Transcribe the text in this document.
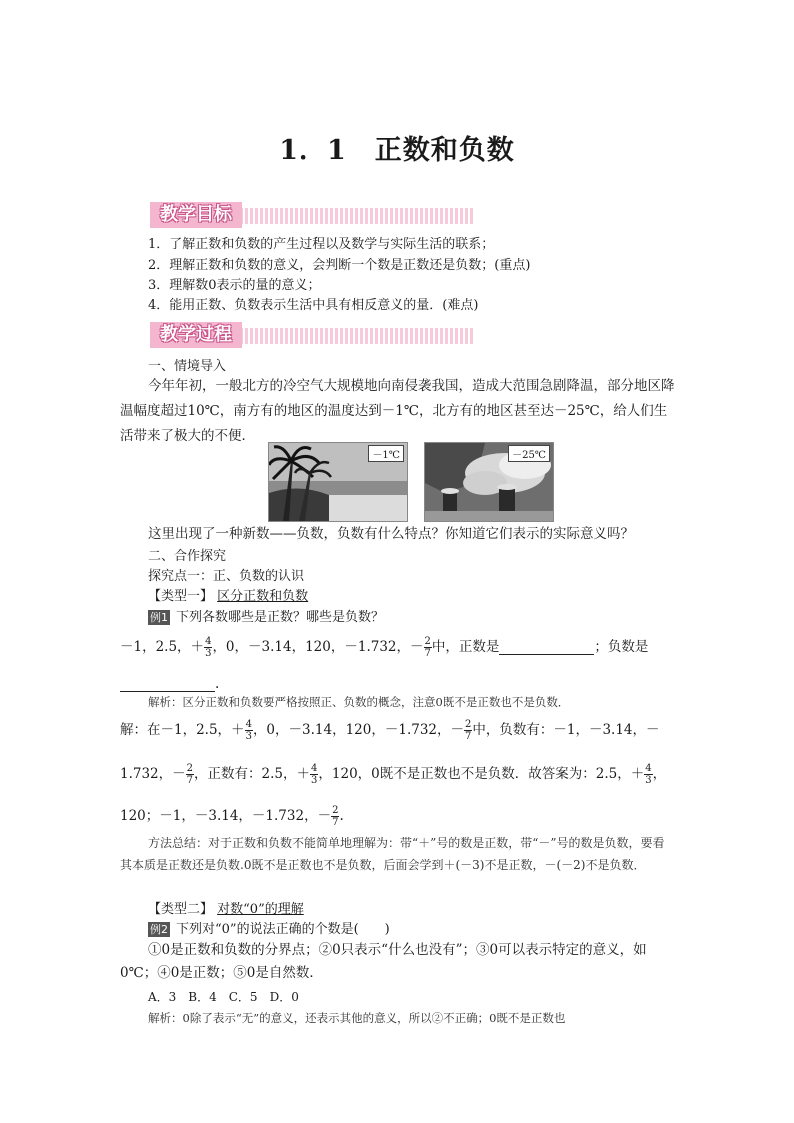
1．1　正数和负数
教学目标
1．了解正数和负数的产生过程以及数学与实际生活的联系；
2．理解正数和负数的意义，会判断一个数是正数还是负数；(重点)
3．理解数0表示的量的意义；
4．能用正数、负数表示生活中具有相反意义的量．(难点)
教学过程
一、情境导入
今年年初，一般北方的冷空气大规模地向南侵袭我国，造成大范围急剧降温，部分地区降温幅度超过10℃，南方有的地区的温度达到－1℃，北方有的地区甚至达－25℃，给人们生活带来了极大的不便．
－1℃	－25℃
这里出现了一种新数——负数，负数有什么特点？你知道它们表示的实际意义吗？
二、合作探究
探究点一：正、负数的认识
【类型一】 区分正数和负数
例1 下列各数哪些是正数？哪些是负数？
－1，2.5，＋ $\frac{4}{3}$ ，0，－3.14，120，－1.732，－ $\frac{2}{7}$ 中，正数是	；负数是
.
解析：区分正数和负数要严格按照正、负数的概念，注意0既不是正数也不是负数．
解：在－1，2.5，＋ $\frac{4}{3}$ ，0，－3.14，120，－1.732，－ $\frac{2}{7}$ 中，负数有：－1，－3.14，－
1.732，－ $\frac{2}{7}$ ，正数有：2.5，＋ $\frac{4}{3}$ ，120，0既不是正数也不是负数．故答案为：2.5，＋ $\frac{4}{3}$ ，
120；－1，－3.14，－1.732，－ $\frac{2}{7}$ .
方法总结：对于正数和负数不能简单地理解为：带“＋”号的数是正数，带“－”号的数是负数，要看其本质是正数还是负数.0既不是正数也不是负数，后面会学到＋(－3)不是正数，－(－2)不是负数．
【类型二】 对数“0”的理解
例2 下列对“0”的说法正确的个数是(　　)
①0是正数和负数的分界点；②0只表示“什么也没有”；③0可以表示特定的意义，如0℃；④0是正数；⑤0是自然数．
A．3　B．4　C．5　D．0
解析：0除了表示“无”的意义，还表示其他的意义，所以②不正确；0既不是正数也
